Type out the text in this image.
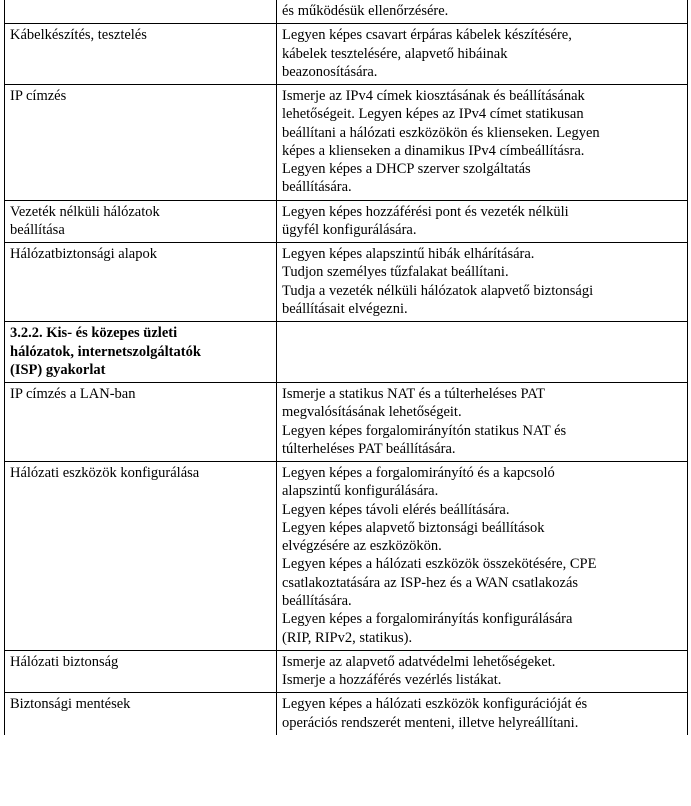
	és működésük ellenőrzésére.

Kábelkészítés, tesztelés	Legyen képes csavart érpáras kábelek készítésére,
kábelek tesztelésére, alapvető hibáinak
beazonosítására.

IP címzés	Ismerje az IPv4 címek kiosztásának és beállításának
lehetőségeit. Legyen képes az IPv4 címet statikusan
beállítani a hálózati eszközökön és klienseken. Legyen
képes a klienseken a dinamikus IPv4 címbeállításra.
Legyen képes a DHCP szerver szolgáltatás
beállítására.

Vezeték nélküli hálózatok
beállítása	Legyen képes hozzáférési pont és vezeték nélküli
ügyfél konfigurálására.

Hálózatbiztonsági alapok	Legyen képes alapszintű hibák elhárítására.
Tudjon személyes tűzfalakat beállítani.
Tudja a vezeték nélküli hálózatok alapvető biztonsági
beállításait elvégezni.

3.2.2. Kis- és közepes üzleti
hálózatok, internetszolgáltatók
(ISP) gyakorlat	

IP címzés a LAN-ban	Ismerje a statikus NAT és a túlterheléses PAT
megvalósításának lehetőségeit.
Legyen képes forgalomirányítón statikus NAT és
túlterheléses PAT beállítására.

Hálózati eszközök konfigurálása	Legyen képes a forgalomirányító és a kapcsoló
alapszintű konfigurálására.
Legyen képes távoli elérés beállítására.
Legyen képes alapvető biztonsági beállítások
elvégzésére az eszközökön.
Legyen képes a hálózati eszközök összekötésére, CPE
csatlakoztatására az ISP-hez és a WAN csatlakozás
beállítására.
Legyen képes a forgalomirányítás konfigurálására
(RIP, RIPv2, statikus).

Hálózati biztonság	Ismerje az alapvető adatvédelmi lehetőségeket.
Ismerje a hozzáférés vezérlés listákat.

Biztonsági mentések	Legyen képes a hálózati eszközök konfigurációját és
operációs rendszerét menteni, illetve helyreállítani.
